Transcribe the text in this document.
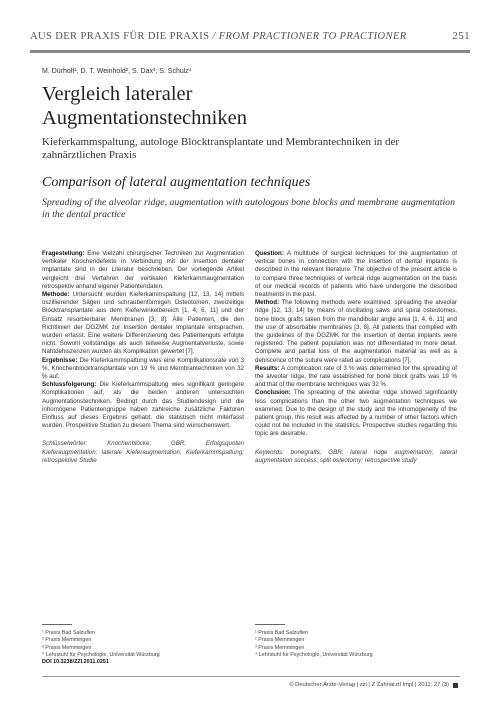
AUS DER PRAXIS FÜR DIE PRAXIS / FROM PRACTIONER TO PRACTIONER	251
M. Dürholt¹, D. T. Weinhold², S. Dax³, S. Schulz⁴
Vergleich lateraler
Augmentationstechniken
Kieferkammspaltung, autologe Blocktransplantate und Membrantechniken in der zahnärztlichen Praxis
Comparison of lateral augmentation techniques
Spreading of the alveolar ridge, augmentation with autologous bone blocks and membrane augmentation in the dental practice

Fragestellung: Eine Vielzahl chirurgischer Techniken zur Augmentation vertikaler Knochendefekte in Verbindung mit der Insertion dentaler Implantate sind in der Literatur beschrieben. Der vorliegende Artikel vergleicht drei Verfahren der vertikalen Kieferkammaugmentation retrospektiv anhand eigener Patientendaten.

Methode: Untersucht wurden Kieferkammspaltung [12, 13, 14] mittels oszillierender Sägen und schraubenförmigen Osteotomen, zweizeitige Blocktransplantate aus dem Kieferwinkelbereich [1, 4, 6, 11] und der Einsatz resorbierbarer Membranen [3, 8]. Alle Patienten, die den Richtlinien der DGZMK zur Insertion dentaler Implantate entsprachen, wurden erfasst. Eine weitere Differenzierung des Patientenguts erfolgte nicht. Sowohl vollständige als auch teilweise Augmentatverluste, sowie Nahtdehiszenzen wurden als Komplikation gewertet [7].

Ergebnisse: Die Kieferkammspaltung wies eine Komplikationsrate von 3 %, Knochenblocktransplantate von 19 % und Membrantechniken von 32 % auf.

Schlussfolgerung: Die Kieferkammspaltung wies signifikant geringere Komplikationen auf, als die beiden anderen untersuchten Augmentationstechniken. Bedingt durch das Studiendesign und die inhomogene Patientengruppe haben zahlreiche zusätzliche Faktoren Einfluss auf dieses Ergebnis gehabt, die statistisch nicht miterfasst wurden. Prospektive Studien zu diesem Thema sind wünschenswert.

Schlüsselwörter: Knochenblöcke; GBR; Erfolgsquoten Kieferaugmentation; laterale Kieferaugmentation; Kieferkammspaltung; retrospektive Studie

Question: A multitude of surgical techniques for the augmentation of vertical bones in connection with the insertion of dental implants is described in the relevant literature. The objective of the present article is to compare three techniques of vertical ridge augmentation on the basis of our medical records of patients who have undergone the described treatments in the past.

Method: The following methods were examined: spreading the alveolar ridge [12, 13, 14] by means of oscillating saws and spiral osteotomes, bone block grafts taken from the mandibular angle area [1, 4, 6, 11] and the use of absorbable membranes [3, 8]. All patients that complied with the guidelines of the DGZMK for the insertion of dental implants were registered. The patient population was not differentiated in more detail. Complete and partial loss of the augmentation material as well as a dehiscence of the suture were rated as complications [7].

Results: A complication rate of 3 % was determined for the spreading of the alveolar ridge, the rate established for bone block grafts was 19 % and that of the membrane techniques was 32 %.

Conclusion: The spreading of the alveolar ridge showed significantly less complications than the other two augmentation techniques we examined. Due to the design of the study and the inhomogeneity of the patient group, this result was affected by a number of other factors which could not be included in the statistics. Prospective studies regarding this topic are desirable.

Keywords: bonegrafts; GBR; lateral ridge augmentation; lateral augmentation success; split osteotomy; retrospective study

¹ Praxis Bad Salzuflen
² Praxis Memmingen
³ Praxis Memmingen
⁴ Lehrstuhl für Psychologie, Universität Würzburg
DOI 10.3238/ZZI.2011.0251
¹ Praxis Bad Salzuflen
² Praxis Memmingen
³ Praxis Memmingen
⁴ Lehrstuhl für Psychologie, Universität Würzburg
© Deutscher Ärzte-Verlag | zzi | Z Zahnärztl Impl | 2011; 27 (3)
